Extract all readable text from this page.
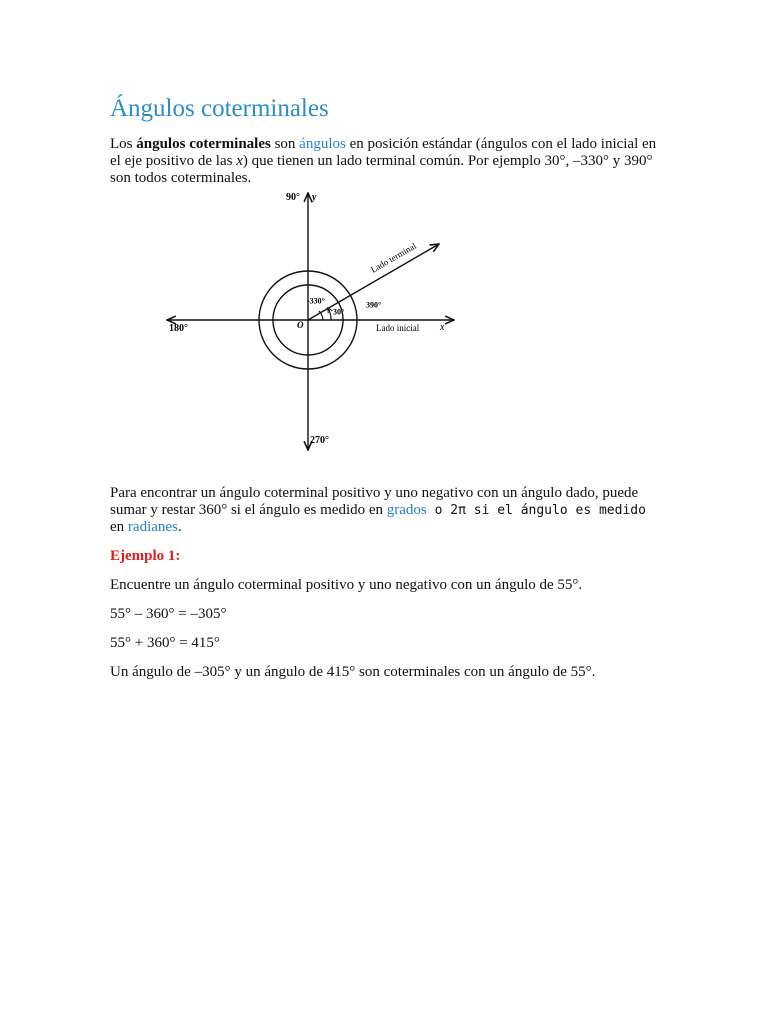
Ángulos coterminales

Los ángulos coterminales son ángulos en posición estándar (ángulos con el lado inicial en el eje positivo de las x) que tienen un lado terminal común. Por ejemplo 30°, –330° y 390° son todos coterminales.

90° y
180°	O	x
270°
-330°
30°
390°
Lado inicial
Lado terminal

Para encontrar un ángulo coterminal positivo y uno negativo con un ángulo dado, puede sumar y restar 360° si el ángulo es medido en grados o 2π si el ángulo es medido
en radianes.

Ejemplo 1:

Encuentre un ángulo coterminal positivo y uno negativo con un ángulo de 55°.

55° – 360° = –305°

55° + 360° = 415°

Un ángulo de –305° y un ángulo de 415° son coterminales con un ángulo de 55°.
